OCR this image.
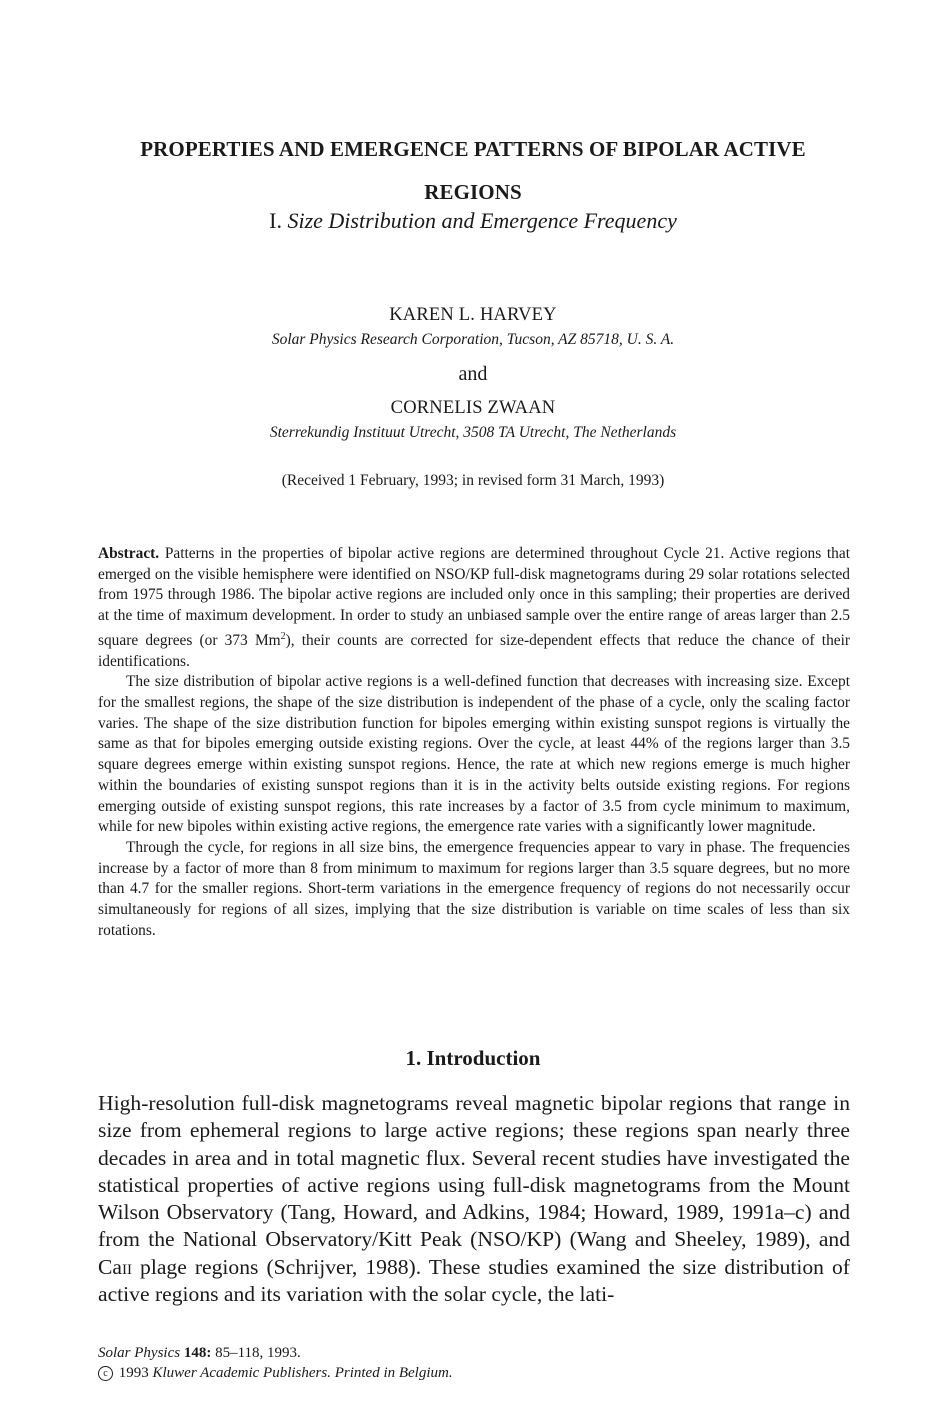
PROPERTIES AND EMERGENCE PATTERNS OF BIPOLAR ACTIVE REGIONS
I. Size Distribution and Emergence Frequency
KAREN L. HARVEY
Solar Physics Research Corporation, Tucson, AZ 85718, U. S. A.
and
CORNELIS ZWAAN
Sterrekundig Instituut Utrecht, 3508 TA Utrecht, The Netherlands
(Received 1 February, 1993; in revised form 31 March, 1993)

Abstract. Patterns in the properties of bipolar active regions are determined throughout Cycle 21. Active regions that emerged on the visible hemisphere were identified on NSO/KP full-disk magnetograms during 29 solar rotations selected from 1975 through 1986. The bipolar active regions are included only once in this sampling; their properties are derived at the time of maximum development. In order to study an unbiased sample over the entire range of areas larger than 2.5 square degrees (or 373 Mm$^2$), their counts are corrected for size-dependent effects that reduce the chance of their identifications.

The size distribution of bipolar active regions is a well-defined function that decreases with increasing size. Except for the smallest regions, the shape of the size distribution is independent of the phase of a cycle, only the scaling factor varies. The shape of the size distribution function for bipoles emerging within existing sunspot regions is virtually the same as that for bipoles emerging outside existing regions. Over the cycle, at least 44% of the regions larger than 3.5 square degrees emerge within existing sunspot regions. Hence, the rate at which new regions emerge is much higher within the boundaries of existing sunspot regions than it is in the activity belts outside existing regions. For regions emerging outside of existing sunspot regions, this rate increases by a factor of 3.5 from cycle minimum to maximum, while for new bipoles within existing active regions, the emergence rate varies with a significantly lower magnitude.

Through the cycle, for regions in all size bins, the emergence frequencies appear to vary in phase. The frequencies increase by a factor of more than 8 from minimum to maximum for regions larger than 3.5 square degrees, but no more than 4.7 for the smaller regions. Short-term variations in the emergence frequency of regions do not necessarily occur simultaneously for regions of all sizes, implying that the size distribution is variable on time scales of less than six rotations.

1. Introduction

High-resolution full-disk magnetograms reveal magnetic bipolar regions that range in size from ephemeral regions to large active regions; these regions span nearly three decades in area and in total magnetic flux. Several recent studies have investigated the statistical properties of active regions using full-disk magnetograms from the Mount Wilson Observatory (Tang, Howard, and Adkins, 1984; Howard, 1989, 1991a–c) and from the National Observatory/Kitt Peak (NSO/KP) (Wang and Sheeley, 1989), and Caii plage regions (Schrijver, 1988). These studies examined the size distribution of active regions and its variation with the solar cycle, the lati-

Solar Physics 148: 85–118, 1993.
c 1993 Kluwer Academic Publishers. Printed in Belgium.
